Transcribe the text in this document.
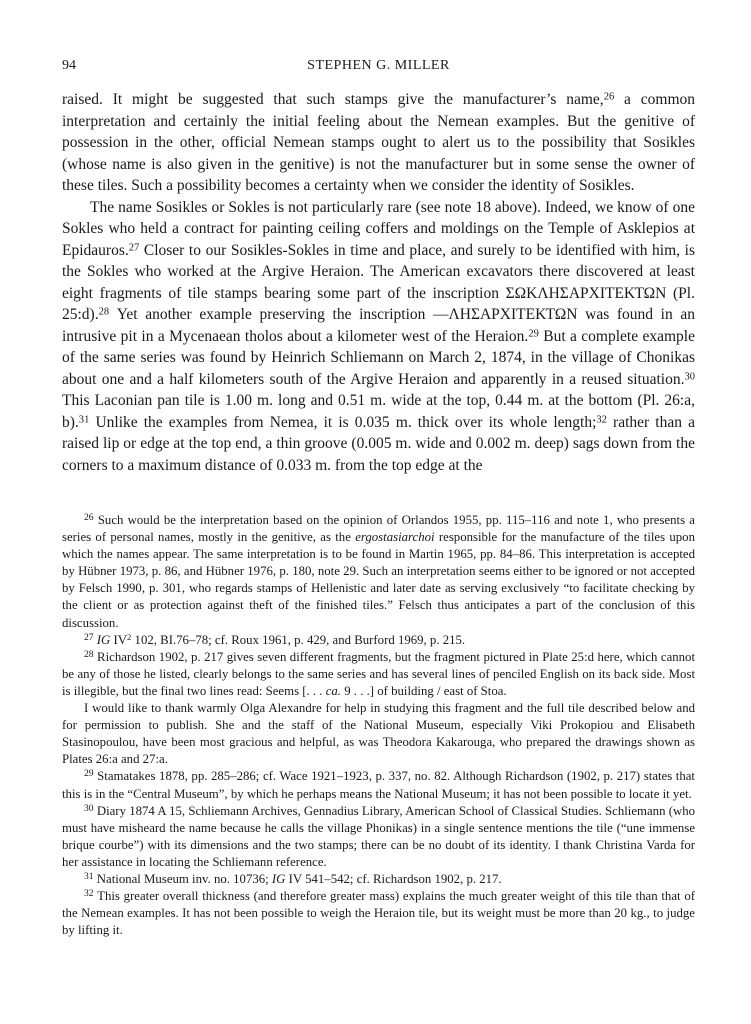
94	STEPHEN G. MILLER

raised. It might be suggested that such stamps give the manufacturer’s name,$^{26}$ a common interpretation and certainly the initial feeling about the Nemean examples. But the genitive of possession in the other, official Nemean stamps ought to alert us to the possibility that Sosikles (whose name is also given in the genitive) is not the manufacturer but in some sense the owner of these tiles. Such a possibility becomes a certainty when we consider the identity of Sosikles.

The name Sosikles or Sokles is not particularly rare (see note 18 above). Indeed, we know of one Sokles who held a contract for painting ceiling coffers and moldings on the Temple of Asklepios at Epidauros.$^{27}$ Closer to our Sosikles-Sokles in time and place, and surely to be identified with him, is the Sokles who worked at the Argive Heraion. The American excavators there discovered at least eight fragments of tile stamps bearing some part of the inscription ΣΩΚΛΗΣΑΡΧΙΤΕΚΤΩΝ (Pl. 25:d).$^{28}$ Yet another example preserving the inscription —ΛΗΣΑΡΧΙΤΕΚΤΩΝ was found in an intrusive pit in a Mycenaean tholos about a kilometer west of the Heraion.$^{29}$ But a complete example of the same series was found by Heinrich Schliemann on March 2, 1874, in the village of Chonikas about one and a half kilometers south of the Argive Heraion and apparently in a reused situation.$^{30}$ This Laconian pan tile is 1.00 m. long and 0.51 m. wide at the top, 0.44 m. at the bottom (Pl. 26:a, b).$^{31}$ Unlike the examples from Nemea, it is 0.035 m. thick over its whole length;$^{32}$ rather than a raised lip or edge at the top end, a thin groove (0.005 m. wide and 0.002 m. deep) sags down from the corners to a maximum distance of 0.033 m. from the top edge at the

$^{26}$ Such would be the interpretation based on the opinion of Orlandos 1955, pp. 115–116 and note 1, who presents a series of personal names, mostly in the genitive, as the ergostasiarchoi responsible for the manufacture of the tiles upon which the names appear. The same interpretation is to be found in Martin 1965, pp. 84–86. This interpretation is accepted by Hübner 1973, p. 86, and Hübner 1976, p. 180, note 29. Such an interpretation seems either to be ignored or not accepted by Felsch 1990, p. 301, who regards stamps of Hellenistic and later date as serving exclusively “to facilitate checking by the client or as protection against theft of the finished tiles.” Felsch thus anticipates a part of the conclusion of this discussion.

$^{27}$ IG $IV^2$ 102, BI.76–78; cf. Roux 1961, p. 429, and Burford 1969, p. 215.

$^{28}$ Richardson 1902, p. 217 gives seven different fragments, but the fragment pictured in Plate 25:d here, which cannot be any of those he listed, clearly belongs to the same series and has several lines of penciled English on its back side. Most is illegible, but the final two lines read: Seems [. . . ca. 9 . . .] of building / east of Stoa.

I would like to thank warmly Olga Alexandre for help in studying this fragment and the full tile described below and for permission to publish. She and the staff of the National Museum, especially Viki Prokopiou and Elisabeth Stasinopoulou, have been most gracious and helpful, as was Theodora Kakarouga, who prepared the drawings shown as Plates 26:a and 27:a.

$^{29}$ Stamatakes 1878, pp. 285–286; cf. Wace 1921–1923, p. 337, no. 82. Although Richardson (1902, p. 217) states that this is in the “Central Museum”, by which he perhaps means the National Museum; it has not been possible to locate it yet.

$^{30}$ Diary 1874 A 15, Schliemann Archives, Gennadius Library, American School of Classical Studies. Schliemann (who must have misheard the name because he calls the village Phonikas) in a single sentence mentions the tile (“une immense brique courbe”) with its dimensions and the two stamps; there can be no doubt of its identity. I thank Christina Varda for her assistance in locating the Schliemann reference.

$^{31}$ National Museum inv. no. 10736; IG IV 541–542; cf. Richardson 1902, p. 217.

$^{32}$ This greater overall thickness (and therefore greater mass) explains the much greater weight of this tile than that of the Nemean examples. It has not been possible to weigh the Heraion tile, but its weight must be more than 20 kg., to judge by lifting it.
